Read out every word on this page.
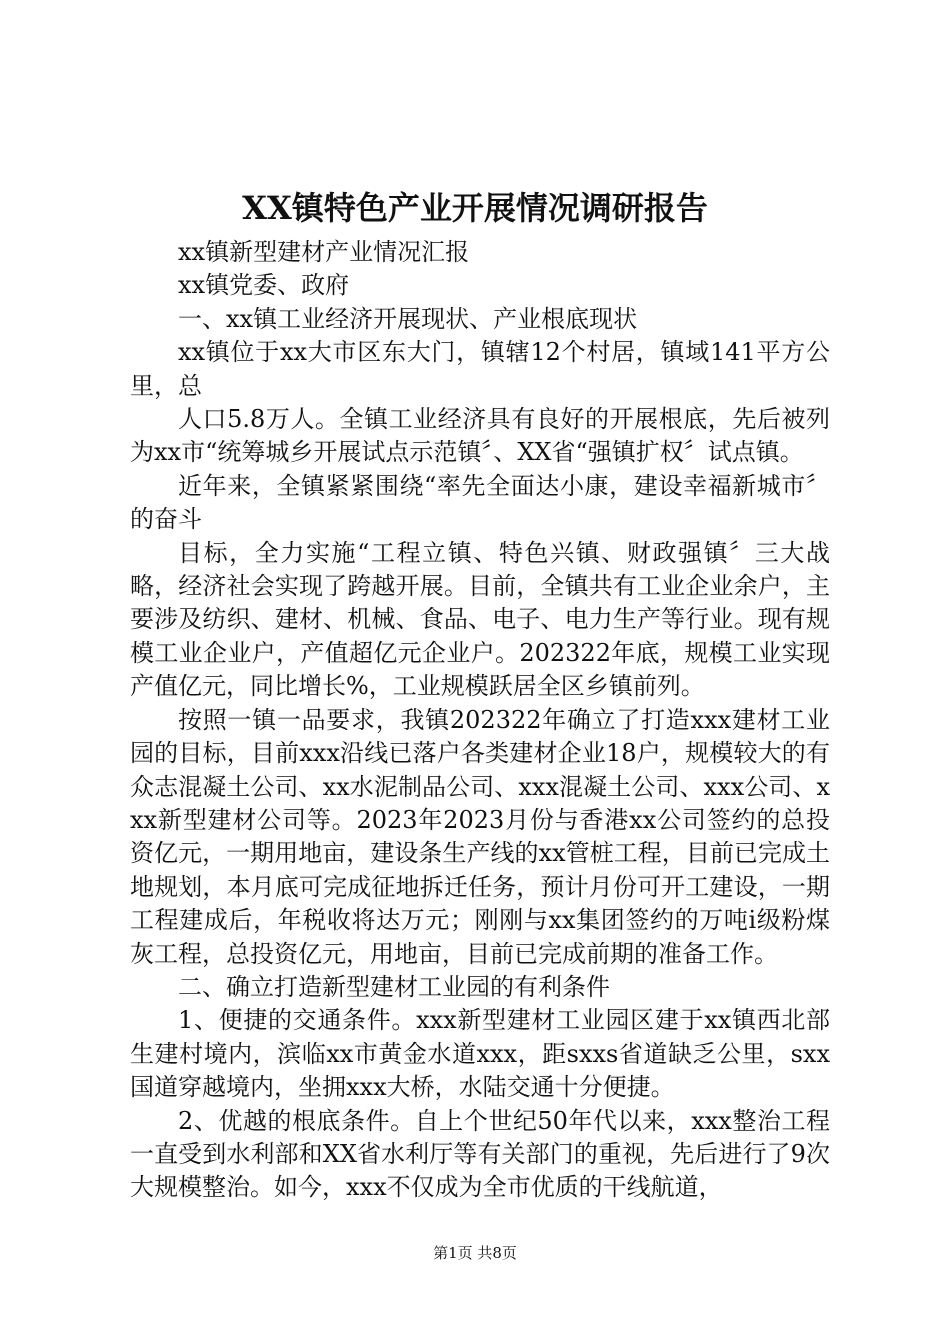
XX镇特色产业开展情况调研报告

xx镇新型建材产业情况汇报

xx镇党委、政府

一、xx镇工业经济开展现状、产业根底现状

xx镇位于xx大市区东大门，镇辖12个村居，镇域141平方公里，总

人口5.8万人。全镇工业经济具有良好的开展根底，先后被列为xx市“统筹城乡开展试点示范镇〞、XX省“强镇扩权〞试点镇。

近年来，全镇紧紧围绕“率先全面达小康，建设幸福新城市〞的奋斗

目标，全力实施“工程立镇、特色兴镇、财政强镇〞三大战略，经济社会实现了跨越开展。目前，全镇共有工业企业余户，主要涉及纺织、建材、机械、食品、电子、电力生产等行业。现有规模工业企业户，产值超亿元企业户。202322年底，规模工业实现产值亿元，同比增长%，工业规模跃居全区乡镇前列。

按照一镇一品要求，我镇202322年确立了打造xxx建材工业园的目标，目前xxx沿线已落户各类建材企业18户，规模较大的有众志混凝土公司、xx水泥制品公司、xxx混凝土公司、xxx公司、xxx新型建材公司等。2023年2023月份与香港xx公司签约的总投资亿元，一期用地亩，建设条生产线的xx管桩工程，目前已完成土地规划，本月底可完成征地拆迁任务，预计月份可开工建设，一期工程建成后，年税收将达万元；刚刚与xx集团签约的万吨ⅰ级粉煤灰工程，总投资亿元，用地亩，目前已完成前期的准备工作。

二、确立打造新型建材工业园的有利条件

1、便捷的交通条件。xxx新型建材工业园区建于xx镇西北部生建村境内，滨临xx市黄金水道xxx，距sxxs省道缺乏公里，sxx国道穿越境内，坐拥xxx大桥，水陆交通十分便捷。

2、优越的根底条件。自上个世纪50年代以来，xxx整治工程一直受到水利部和XX省水利厅等有关部门的重视，先后进行了9次大规模整治。如今，xxx不仅成为全市优质的干线航道，

第1页 共8页
